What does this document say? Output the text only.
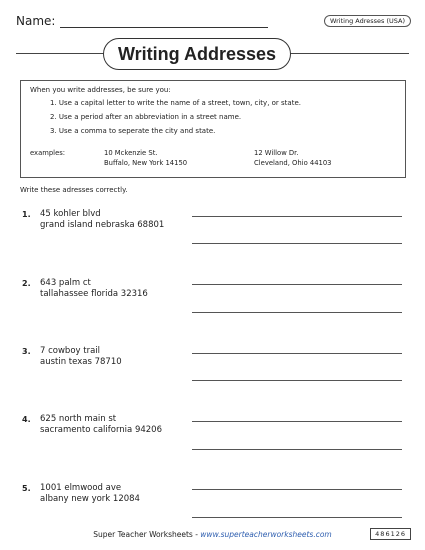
Name:	Writing Adresses (USA)
Writing Addresses
When you write addresses, be sure you:
1. Use a capital letter to write the name of a street, town, city, or state.
2. Use a period after an abbreviation in a street name.
3. Use a comma to seperate the city and state.
examples:	10 Mckenzie St.
Buffalo, New York 14150
12 Willow Dr.
Cleveland, Ohio 44103
Write these adresses correctly.
1. 45 kohler blvd
grand island nebraska 68801
2. 643 palm ct
tallahassee florida 32316
3. 7 cowboy trail
austin texas 78710
4. 625 north main st
sacramento california 94206
5. 1001 elmwood ave
albany new york 12084
Super Teacher Worksheets - www.superteacherworksheets.com	486126
